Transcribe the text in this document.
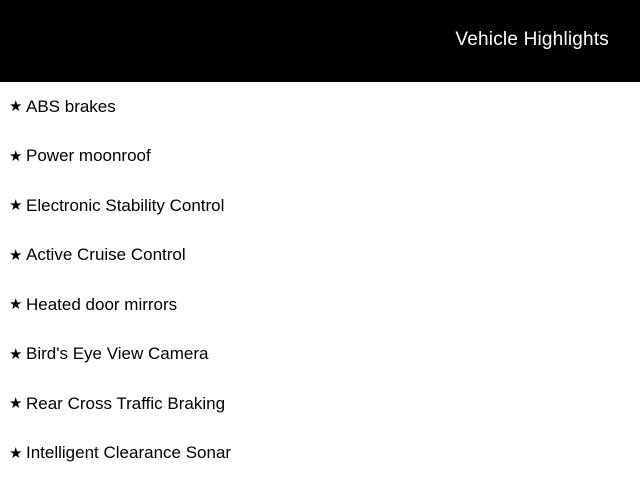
Vehicle Highlights
★ ABS brakes
★ Power moonroof
★ Electronic Stability Control
★ Active Cruise Control
★ Heated door mirrors
★ Bird's Eye View Camera
★ Rear Cross Traffic Braking
★ Intelligent Clearance Sonar
